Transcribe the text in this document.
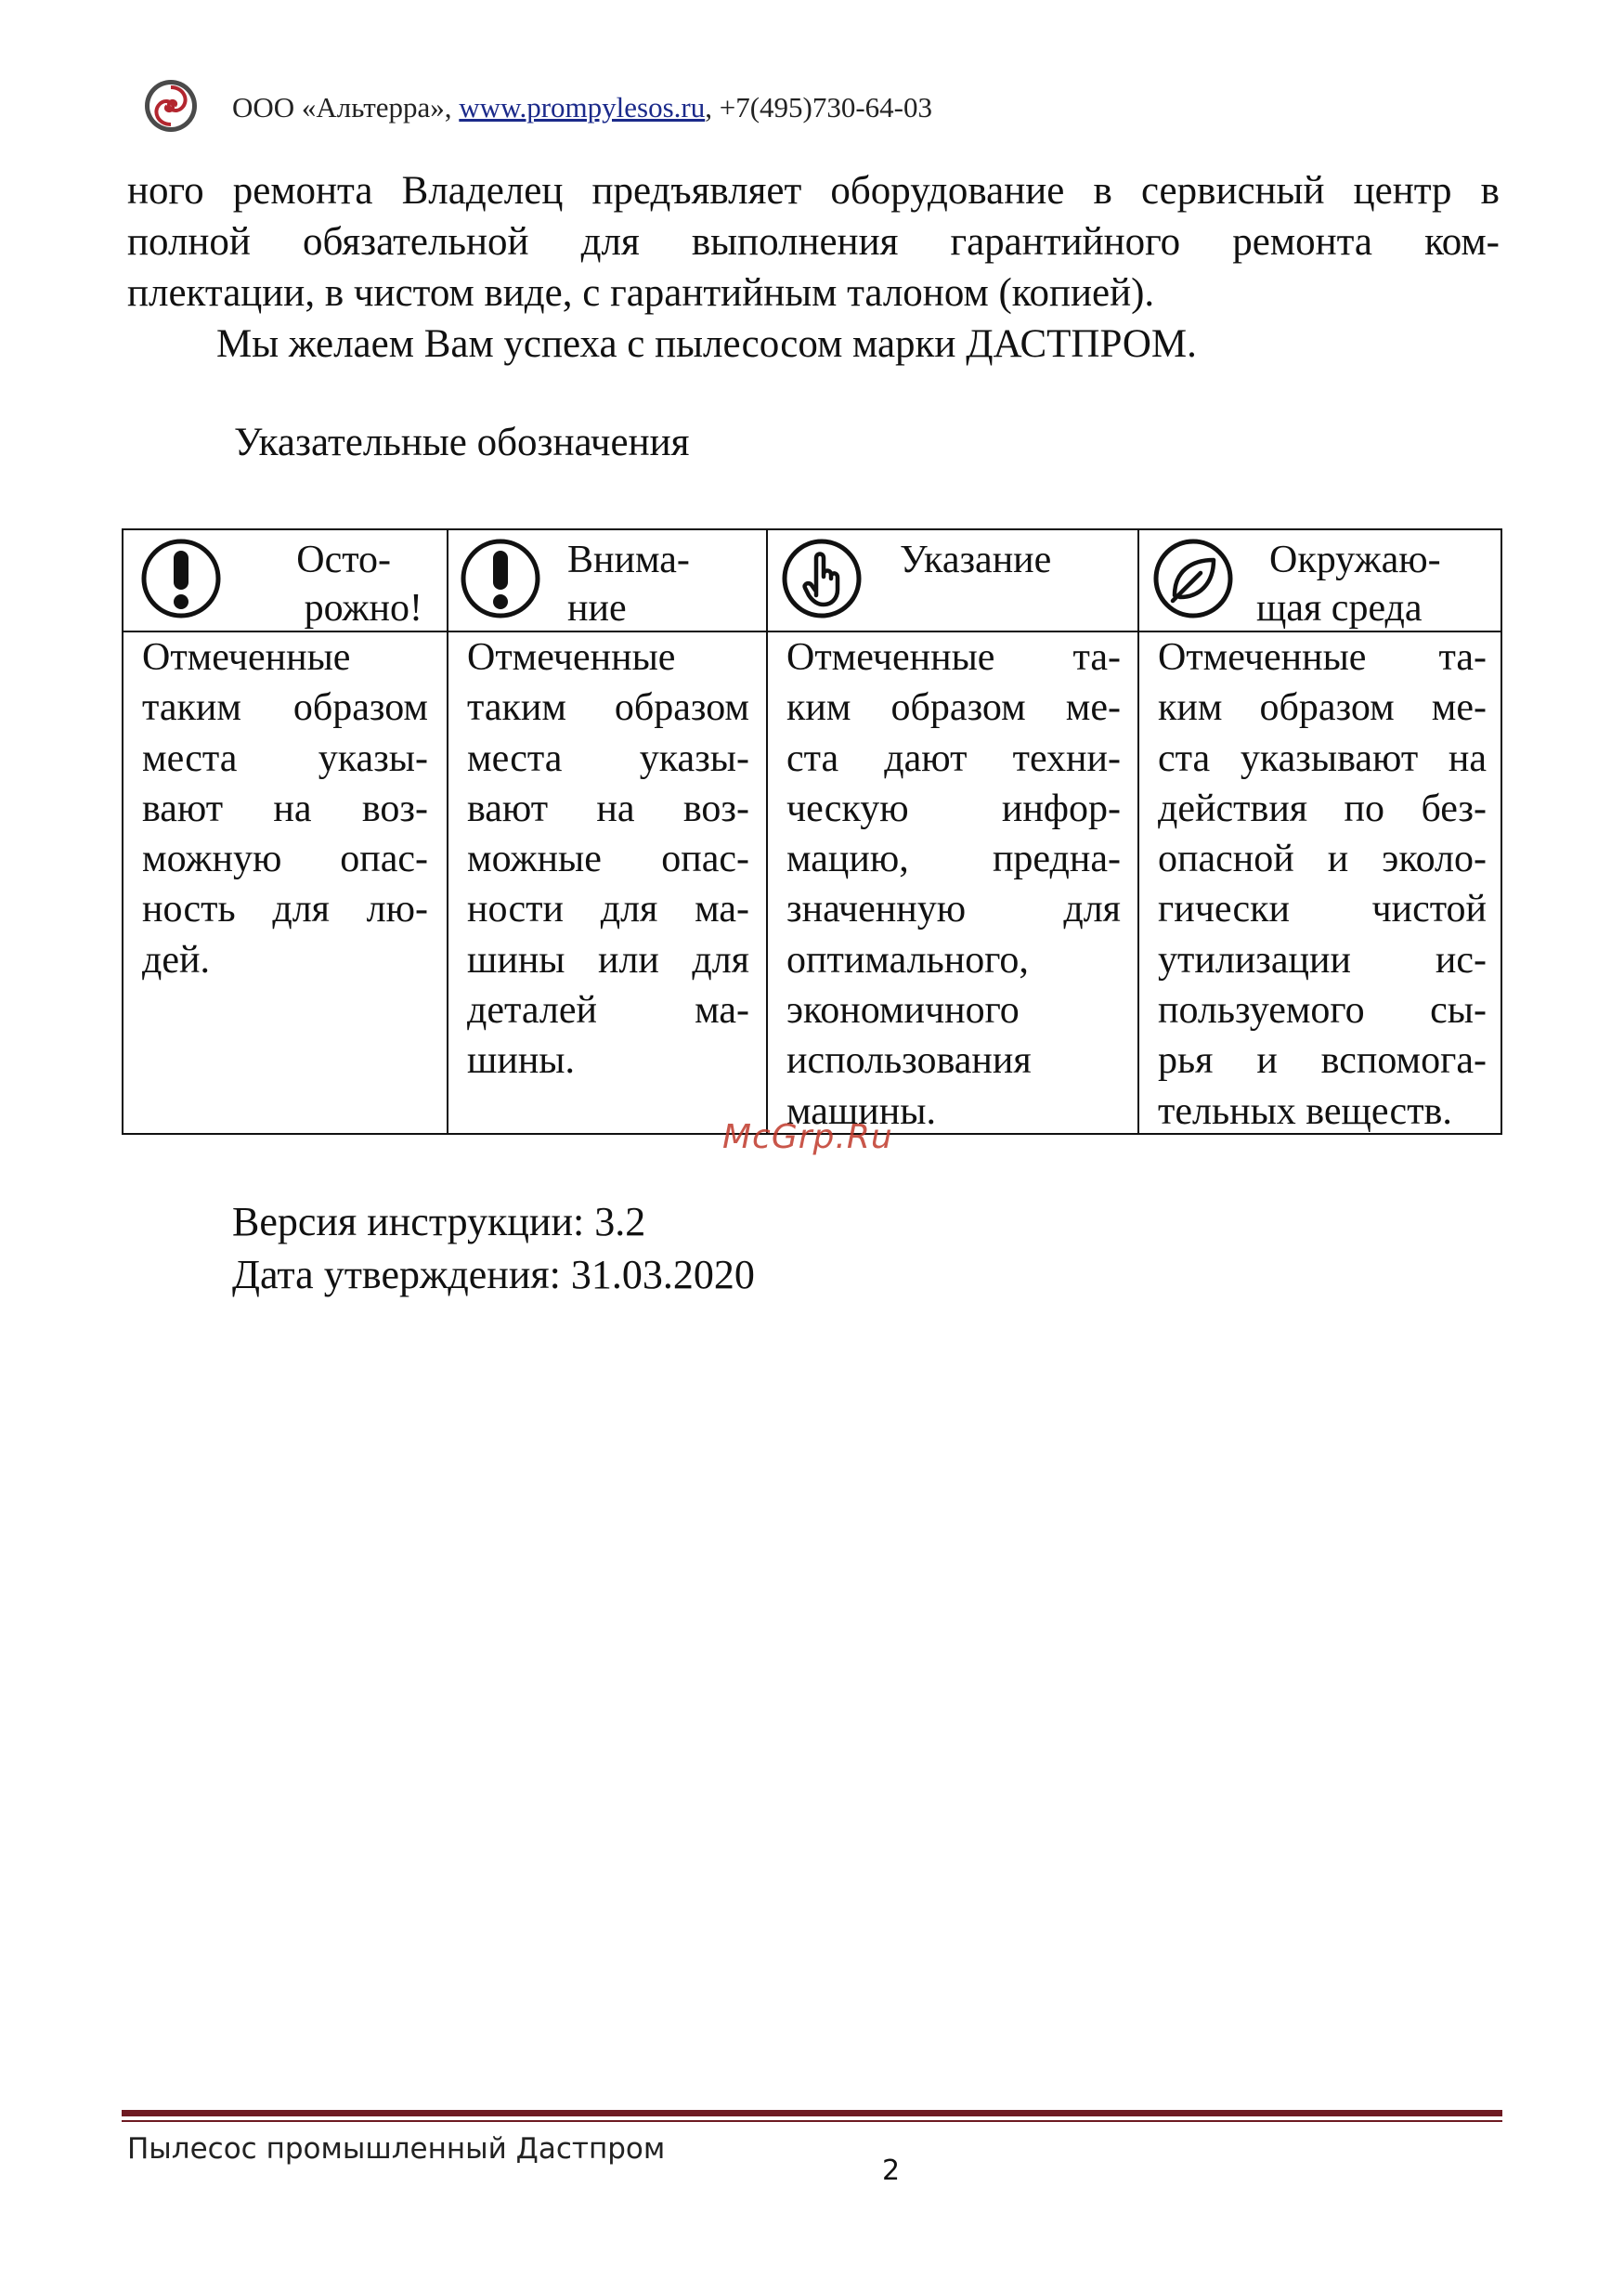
ООО «Альтерра», www.prompylesos.ru, +7(495)730-64-03
ного ремонта Владелец предъявляет оборудование в сервисный центр в
полной обязательной для выполнения гарантийного ремонта ком-
плектации, в чистом виде, с гарантийным талоном (копией).
Мы желаем Вам успеха с пылесосом марки ДАСТПРОМ.
Указательные обозначения
Осто-
рожно!
Внима-
ние
Указание	Окружаю-
щая среда
Отмеченные
таким образом
места указы-
вают на воз-
можную опас-
ность для лю-
дей.
Отмеченные
таким образом
места указы-
вают на воз-
можные опас-
ности для ма-
шины или для
деталей ма-
шины.
Отмеченные та-
ким образом ме-
ста дают техни-
ческую инфор-
мацию, предна-
значенную для
оптимального,
экономичного
использования
машины.
Отмеченные та-
ким образом ме-
ста указывают на
действия по без-
опасной и эколо-
гически чистой
утилизации ис-
пользуемого сы-
рья и вспомога-
тельных веществ.
McGrp.Ru
Версия инструкции: 3.2
Дата утверждения: 31.03.2020
Пылесос промышленный Дастпром
2
